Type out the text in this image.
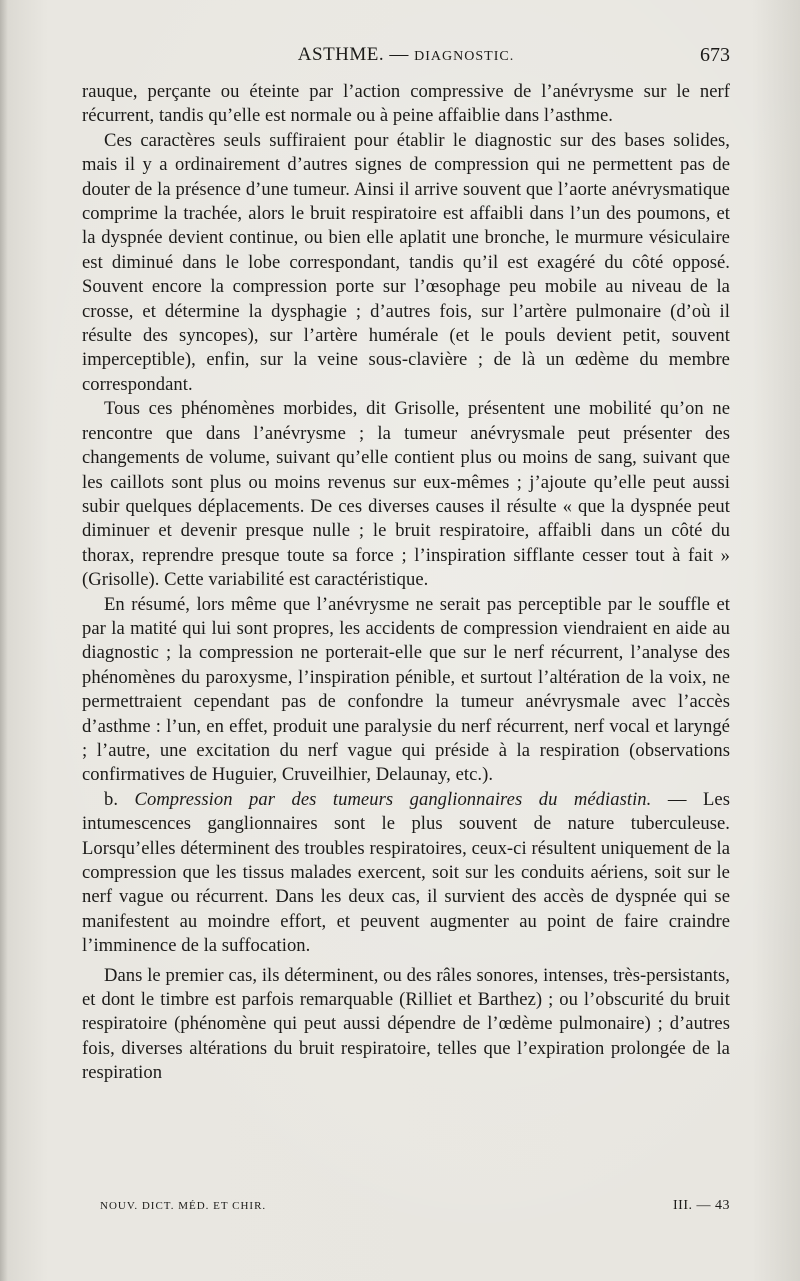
ASTHME. — DIAGNOSTIC.	673

rauque, perçante ou éteinte par l’action compressive de l’anévrysme sur le nerf récurrent, tandis qu’elle est normale ou à peine affaiblie dans l’asthme.

Ces caractères seuls suffiraient pour établir le diagnostic sur des bases solides, mais il y a ordinairement d’autres signes de compression qui ne permettent pas de douter de la présence d’une tumeur. Ainsi il arrive souvent que l’aorte anévrysmatique comprime la trachée, alors le bruit respiratoire est affaibli dans l’un des poumons, et la dyspnée devient continue, ou bien elle aplatit une bronche, le murmure vésiculaire est diminué dans le lobe correspondant, tandis qu’il est exagéré du côté opposé. Souvent encore la compression porte sur l’œsophage peu mobile au niveau de la crosse, et détermine la dysphagie ; d’autres fois, sur l’artère pulmonaire (d’où il résulte des syncopes), sur l’artère humérale (et le pouls devient petit, souvent imperceptible), enfin, sur la veine sous-clavière ; de là un œdème du membre correspondant.

Tous ces phénomènes morbides, dit Grisolle, présentent une mobilité qu’on ne rencontre que dans l’anévrysme ; la tumeur anévrysmale peut présenter des changements de volume, suivant qu’elle contient plus ou moins de sang, suivant que les caillots sont plus ou moins revenus sur eux-mêmes ; j’ajoute qu’elle peut aussi subir quelques déplacements. De ces diverses causes il résulte « que la dyspnée peut diminuer et devenir presque nulle ; le bruit respiratoire, affaibli dans un côté du thorax, reprendre presque toute sa force ; l’inspiration sifflante cesser tout à fait » (Grisolle). Cette variabilité est caractéristique.

En résumé, lors même que l’anévrysme ne serait pas perceptible par le souffle et par la matité qui lui sont propres, les accidents de compression viendraient en aide au diagnostic ; la compression ne porterait-elle que sur le nerf récurrent, l’analyse des phénomènes du paroxysme, l’inspiration pénible, et surtout l’altération de la voix, ne permettraient cependant pas de confondre la tumeur anévrysmale avec l’accès d’asthme : l’un, en effet, produit une paralysie du nerf récurrent, nerf vocal et laryngé ; l’autre, une excitation du nerf vague qui préside à la respiration (observations confirmatives de Huguier, Cruveilhier, Delaunay, etc.).

b. Compression par des tumeurs ganglionnaires du médiastin. — Les intumescences ganglionnaires sont le plus souvent de nature tuberculeuse. Lorsqu’elles déterminent des troubles respiratoires, ceux-ci résultent uniquement de la compression que les tissus malades exercent, soit sur les conduits aériens, soit sur le nerf vague ou récurrent. Dans les deux cas, il survient des accès de dyspnée qui se manifestent au moindre effort, et peuvent augmenter au point de faire craindre l’imminence de la suffocation.

Dans le premier cas, ils déterminent, ou des râles sonores, intenses, très-persistants, et dont le timbre est parfois remarquable (Rilliet et Barthez) ; ou l’obscurité du bruit respiratoire (phénomène qui peut aussi dépendre de l’œdème pulmonaire) ; d’autres fois, diverses altérations du bruit respiratoire, telles que l’expiration prolongée de la respiration

NOUV. DICT. MÉD. ET CHIR.	III. — 43
